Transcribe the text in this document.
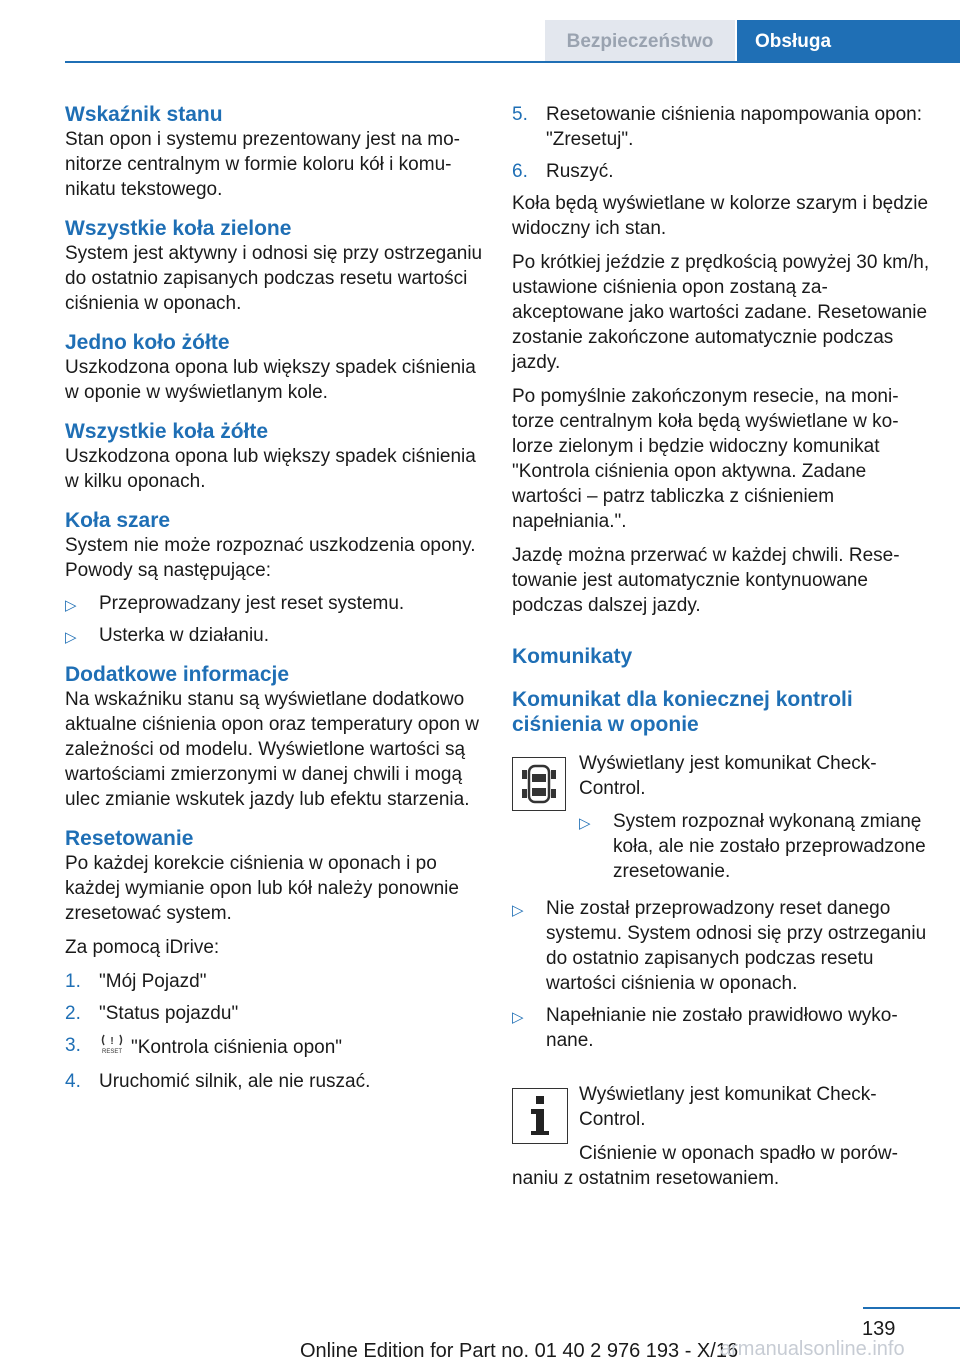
Bezpieczeństwo	Obsługa
Wskaźnik stanu

Stan opon i systemu prezentowany jest na monitorze centralnym w formie koloru kół i komunikatu tekstowego.

Wszystkie koła zielone

System jest aktywny i odnosi się przy ostrzeganiu do ostatnio zapisanych podczas resetu wartości ciśnienia w oponach.

Jedno koło żółte

Uszkodzona opona lub większy spadek ciśnienia w oponie w wyświetlanym kole.

Wszystkie koła żółte

Uszkodzona opona lub większy spadek ciśnienia w kilku oponach.

Koła szare

System nie może rozpoznać uszkodzenia opony. Powody są następujące:

▷ Przeprowadzany jest reset systemu.
▷ Usterka w działaniu.
Dodatkowe informacje

Na wskaźniku stanu są wyświetlane dodatkowo aktualne ciśnienia opon oraz temperatury opon w zależności od modelu. Wyświetlone wartości są wartościami zmierzonymi w danej chwili i mogą ulec zmianie wskutek jazdy lub efektu starzenia.

Resetowanie

Po każdej korekcie ciśnienia w oponach i po każdej wymianie opon lub kół należy ponownie zresetować system.

Za pomocą iDrive:

1. "Mój Pojazd"
2. "Status pojazdu"
3.	!
RESET "Kontrola ciśnienia opon"
4. Uruchomić silnik, ale nie ruszać.
5. Resetowanie ciśnienia napompowania opon: "Zresetuj".
6. Ruszyć.

Koła będą wyświetlane w kolorze szarym i będzie widoczny ich stan.

Po krótkiej jeździe z prędkością powyżej 30 km/h, ustawione ciśnienia opon zostaną zaakceptowane jako wartości zadane. Resetowanie zostanie zakończone automatycznie podczas jazdy.

Po pomyślnie zakończonym resecie, na monitorze centralnym koła będą wyświetlane w kolorze zielonym i będzie widoczny komunikat "Kontrola ciśnienia opon aktywna. Zadane wartości – patrz tabliczka z ciśnieniem napełniania.".

Jazdę można przerwać w każdej chwili. Resetowanie jest automatycznie kontynuowane podczas dalszej jazdy.

Komunikaty
Komunikat dla koniecznej kontroli ciśnienia w oponie

Wyświetlany jest komunikat Check-Control.

▷ System rozpoznał wykonaną zmianę koła, ale nie zostało przeprowadzone zresetowanie.
▷ Nie został przeprowadzony reset danego systemu. System odnosi się przy ostrzeganiu do ostatnio zapisanych podczas resetu wartości ciśnienia w oponach.
▷ Napełnianie nie zostało prawidłowo wykonane.

Wyświetlany jest komunikat Check-Control.

Ciśnienie w oponach spadło w porównaniu z ostatnim resetowaniem.

139
Online Edition for Part no. 01 40 2 976 193 - X/16
armanualsonline.info
